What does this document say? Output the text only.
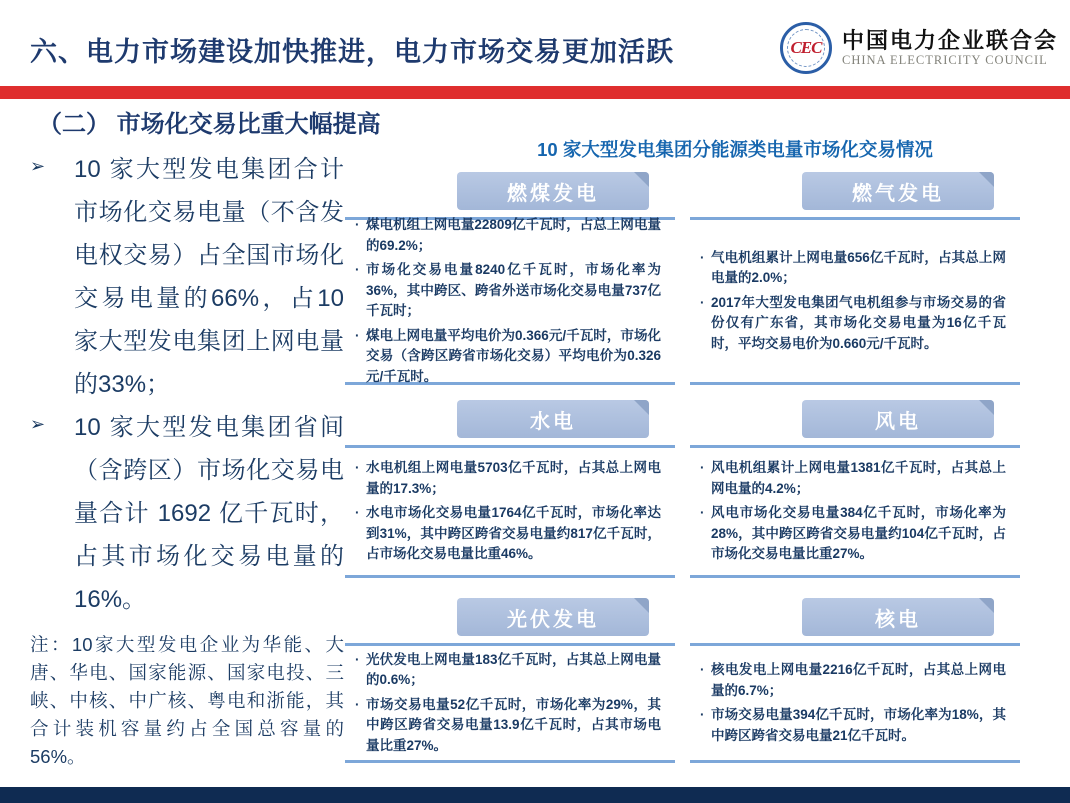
六、电力市场建设加快推进，电力市场交易更加活跃	CEC 中国电力企业联合会
CHINA ELECTRICITY COUNCIL
（二） 市场化交易比重大幅提高
➢	10 家大型发电集团合计市场化交易电量（不含发 电权交易）占全国市场化交易电量的66%，占10 家大型发电集团上网电量的33%；

➢	10 家大型发电集团省间（含跨区）市场化交易电量合计 1692 亿千瓦时，占其市场化交易电量的 16%。

注：10家大型发电企业为华能、大唐、华电、国家能源、国家电投、三峡、中核、中广核、粤电和浙能，其合计装机容量约占全国总容量的56%。

10 家大型发电集团分能源类电量市场化交易情况
燃煤发电

· 煤电机组上网电量22809亿千瓦时，占总上网电量的69.2%；

· 市场化交易电量8240亿千瓦时，市场化率为36%，其中跨区、跨省外送市场化交易电量737亿千瓦时；

· 煤电上网电量平均电价为0.366元/千瓦时，市场化交易（含跨区跨省市场化交易）平均电价为0.326元/千瓦时。

燃气发电

· 气电机组累计上网电量656亿千瓦时，占其总上网电量的2.0%；

· 2017年大型发电集团气电机组参与市场交易的省份仅有广东省，其市场化交易电量为16亿千瓦时，平均交易电价为0.660元/千瓦时。

水电

· 水电机组上网电量5703亿千瓦时，占其总上网电量的17.3%；

· 水电市场化交易电量1764亿千瓦时，市场化率达到31%，其中跨区跨省交易电量约817亿千瓦时，占市场化交易电量比重46%。

风电

· 风电机组累计上网电量1381亿千瓦时，占其总上网电量的4.2%；

· 风电市场化交易电量384亿千瓦时，市场化率为28%，其中跨区跨省交易电量约104亿千瓦时，占市场化交易电量比重27%。

光伏发电

· 光伏发电上网电量183亿千瓦时，占其总上网电量的0.6%；

· 市场交易电量52亿千瓦时，市场化率为29%，其中跨区跨省交易电量13.9亿千瓦时，占其市场电量比重27%。

核电

· 核电发电上网电量2216亿千瓦时，占其总上网电量的6.7%；

· 市场交易电量394亿千瓦时，市场化率为18%，其中跨区跨省交易电量21亿千瓦时。
